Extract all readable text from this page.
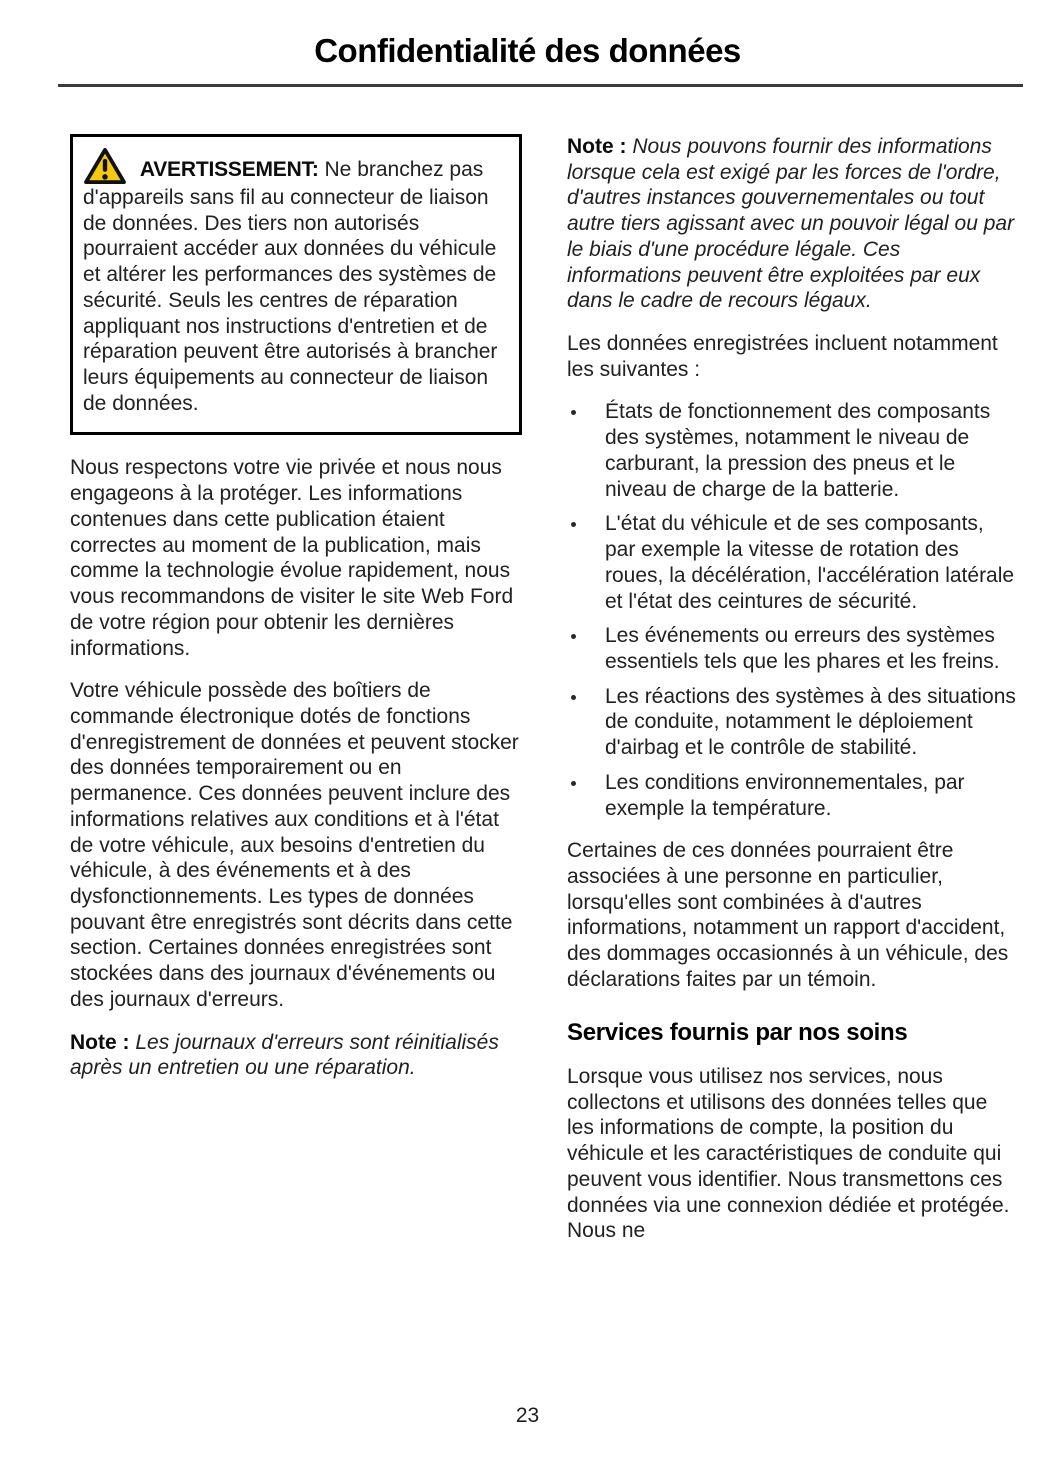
Confidentialité des données
AVERTISSEMENT: Ne branchez pas d'appareils sans fil au connecteur de liaison de données. Des tiers non autorisés pourraient accéder aux données du véhicule et altérer les performances des systèmes de sécurité. Seuls les centres de réparation appliquant nos instructions d'entretien et de réparation peuvent être autorisés à brancher leurs équipements au connecteur de liaison de données.

Nous respectons votre vie privée et nous nous engageons à la protéger. Les informations contenues dans cette publication étaient correctes au moment de la publication, mais comme la technologie évolue rapidement, nous vous recommandons de visiter le site Web Ford de votre région pour obtenir les dernières informations.

Votre véhicule possède des boîtiers de commande électronique dotés de fonctions d'enregistrement de données et peuvent stocker des données temporairement ou en permanence. Ces données peuvent inclure des informations relatives aux conditions et à l'état de votre véhicule, aux besoins d'entretien du véhicule, à des événements et à des dysfonctionnements. Les types de données pouvant être enregistrés sont décrits dans cette section. Certaines données enregistrées sont stockées dans des journaux d'événements ou des journaux d'erreurs.

Note : Les journaux d'erreurs sont réinitialisés après un entretien ou une réparation.

Note : Nous pouvons fournir des informations lorsque cela est exigé par les forces de l'ordre, d'autres instances gouvernementales ou tout autre tiers agissant avec un pouvoir légal ou par le biais d'une procédure légale. Ces informations peuvent être exploitées par eux dans le cadre de recours légaux.

Les données enregistrées incluent notamment les suivantes :

États de fonctionnement des composants des systèmes, notamment le niveau de carburant, la pression des pneus et le niveau de charge de la batterie.
L'état du véhicule et de ses composants, par exemple la vitesse de rotation des roues, la décélération, l'accélération latérale et l'état des ceintures de sécurité.
Les événements ou erreurs des systèmes essentiels tels que les phares et les freins.
Les réactions des systèmes à des situations de conduite, notamment le déploiement d'airbag et le contrôle de stabilité.
Les conditions environnementales, par exemple la température.

Certaines de ces données pourraient être associées à une personne en particulier, lorsqu'elles sont combinées à d'autres informations, notamment un rapport d'accident, des dommages occasionnés à un véhicule, des déclarations faites par un témoin.

Services fournis par nos soins

Lorsque vous utilisez nos services, nous collectons et utilisons des données telles que les informations de compte, la position du véhicule et les caractéristiques de conduite qui peuvent vous identifier. Nous transmettons ces données via une connexion dédiée et protégée. Nous ne

23
